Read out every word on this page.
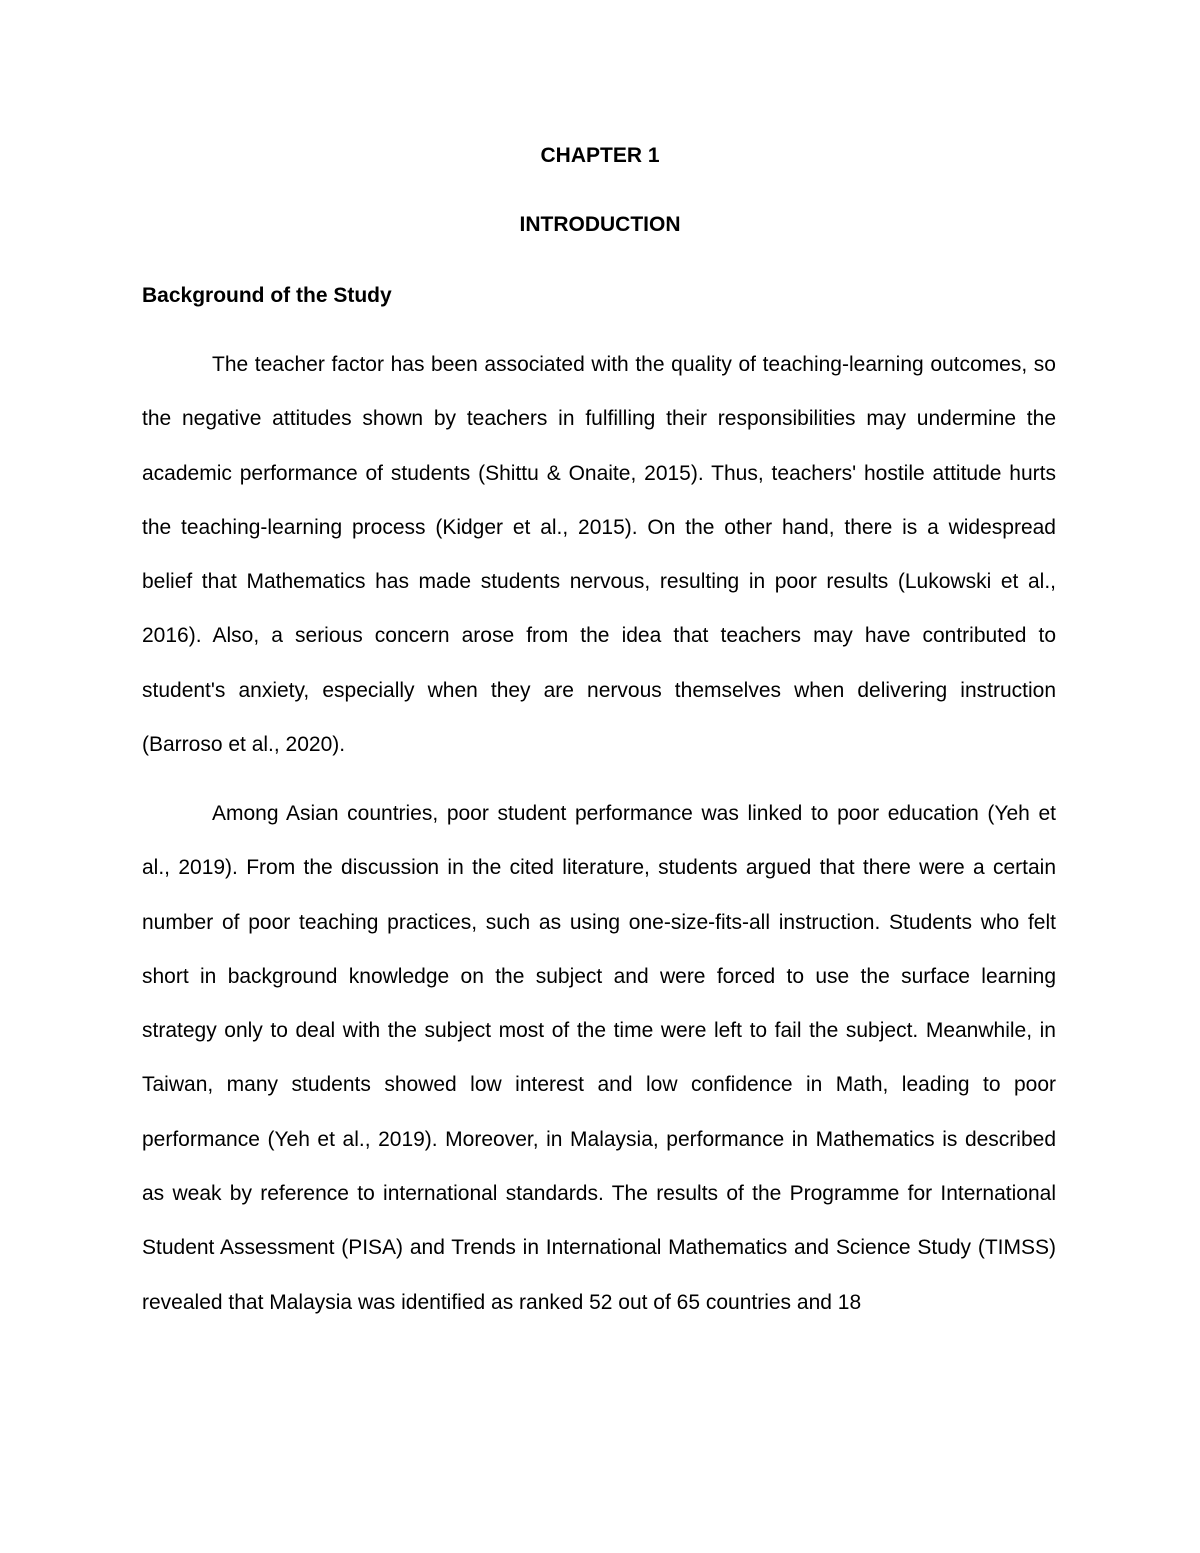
CHAPTER 1
INTRODUCTION
Background of the Study

The teacher factor has been associated with the quality of teaching-learning outcomes, so the negative attitudes shown by teachers in fulfilling their responsibilities may undermine the academic performance of students (Shittu & Onaite, 2015). Thus, teachers' hostile attitude hurts the teaching-learning process (Kidger et al., 2015). On the other hand, there is a widespread belief that Mathematics has made students nervous, resulting in poor results (Lukowski et al., 2016). Also, a serious concern arose from the idea that teachers may have contributed to student's anxiety, especially when they are nervous themselves when delivering instruction (Barroso et al., 2020).

Among Asian countries, poor student performance was linked to poor education (Yeh et al., 2019). From the discussion in the cited literature, students argued that there were a certain number of poor teaching practices, such as using one-size-fits-all instruction. Students who felt short in background knowledge on the subject and were forced to use the surface learning strategy only to deal with the subject most of the time were left to fail the subject. Meanwhile, in Taiwan, many students showed low interest and low confidence in Math, leading to poor performance (Yeh et al., 2019). Moreover, in Malaysia, performance in Mathematics is described as weak by reference to international standards. The results of the Programme for International Student Assessment (PISA) and Trends in International Mathematics and Science Study (TIMSS) revealed that Malaysia was identified as ranked 52 out of 65 countries and 18
